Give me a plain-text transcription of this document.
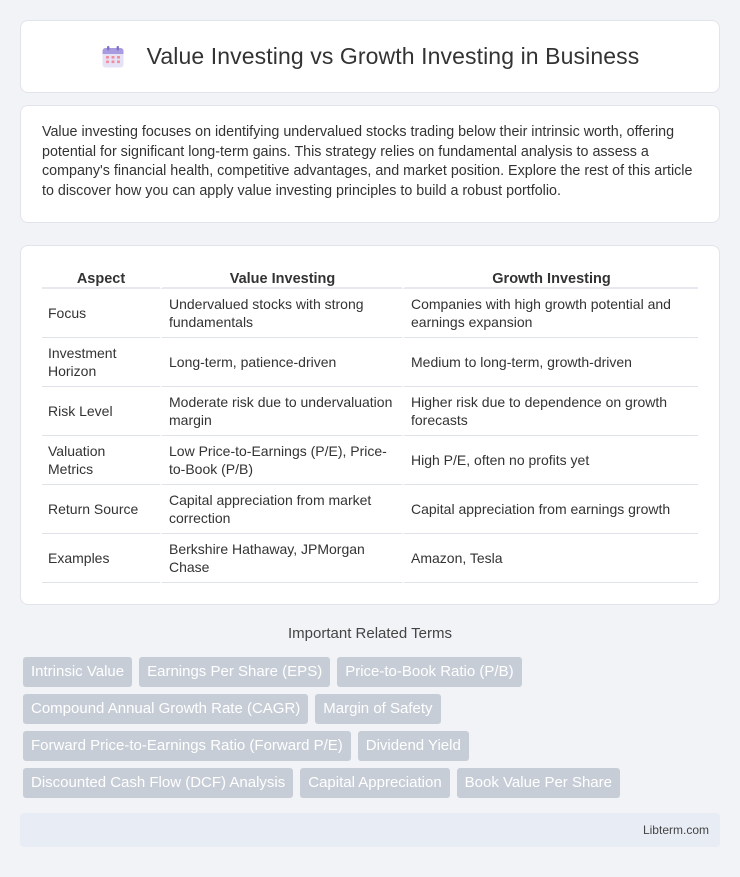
Value Investing vs Growth Investing in Business

Value investing focuses on identifying undervalued stocks trading below their intrinsic worth, offering potential for significant long-term gains. This strategy relies on fundamental analysis to assess a company's financial health, competitive advantages, and market position. Explore the rest of this article to discover how you can apply value investing principles to build a robust portfolio.

Aspect	Value Investing	Growth Investing
Focus	Undervalued stocks with strong fundamentals	Companies with high growth potential and earnings expansion
Investment Horizon	Long-term, patience-driven	Medium to long-term, growth-driven
Risk Level	Moderate risk due to undervaluation margin	Higher risk due to dependence on growth forecasts
Valuation Metrics	Low Price-to-Earnings (P/E), Price-to-Book (P/B)	High P/E, often no profits yet
Return Source	Capital appreciation from market correction	Capital appreciation from earnings growth
Examples	Berkshire Hathaway, JPMorgan Chase	Amazon, Tesla
Important Related Terms
Intrinsic Value	Earnings Per Share (EPS)	Price-to-Book Ratio (P/B)
Compound Annual Growth Rate (CAGR)	Margin of Safety
Forward Price-to-Earnings Ratio (Forward P/E)	Dividend Yield
Discounted Cash Flow (DCF) Analysis	Capital Appreciation	Book Value Per Share
Libterm.com
